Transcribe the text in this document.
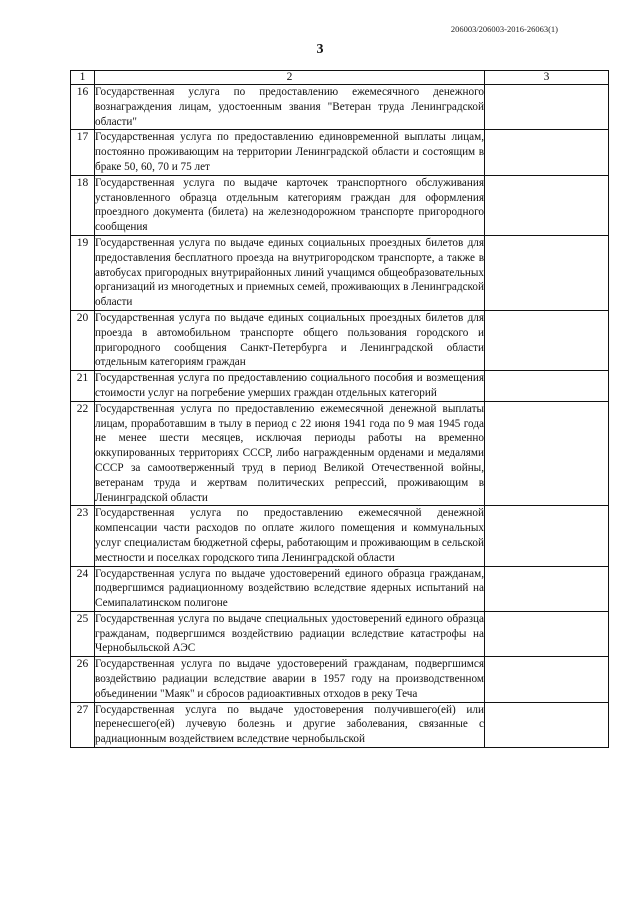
206003/206003-2016-26063(1)
3
1	2	3
16	Государственная услуга по предоставлению ежемесячного денежного вознаграждения лицам, удостоенным звания "Ветеран труда Ленинградской области"	
17	Государственная услуга по предоставлению единовременной выплаты лицам, постоянно проживающим на территории Ленинградской области и состоящим в браке 50, 60, 70 и 75 лет	
18	Государственная услуга по выдаче карточек транспортного обслуживания установленного образца отдельным категориям граждан для оформления проездного документа (билета) на железнодорожном транспорте пригородного сообщения	
19	Государственная услуга по выдаче единых социальных проездных билетов для предоставления бесплатного проезда на внутригородском транспорте, а также в автобусах пригородных внутрирайонных линий учащимся общеобразовательных организаций из многодетных и приемных семей, проживающих в Ленинградской области	
20	Государственная услуга по выдаче единых социальных проездных билетов для проезда в автомобильном транспорте общего пользования городского и пригородного сообщения Санкт-Петербурга и Ленинградской области отдельным категориям граждан	
21	Государственная услуга по предоставлению социального пособия и возмещения стоимости услуг на погребение умерших граждан отдельных категорий	
22	Государственная услуга по предоставлению ежемесячной денежной выплаты лицам, проработавшим в тылу в период с 22 июня 1941 года по 9 мая 1945 года не менее шести месяцев, исключая периоды работы на временно оккупированных территориях СССР, либо награжденным орденами и медалями СССР за самоотверженный труд в период Великой Отечественной войны, ветеранам труда и жертвам политических репрессий, проживающим в Ленинградской области	
23	Государственная услуга по предоставлению ежемесячной денежной компенсации части расходов по оплате жилого помещения и коммунальных услуг специалистам бюджетной сферы, работающим и проживающим в сельской местности и поселках городского типа Ленинградской области	
24	Государственная услуга по выдаче удостоверений единого образца гражданам, подвергшимся радиационному воздействию вследствие ядерных испытаний на Семипалатинском полигоне	
25	Государственная услуга по выдаче специальных удостоверений единого образца гражданам, подвергшимся воздействию радиации вследствие катастрофы на Чернобыльской АЭС	
26	Государственная услуга по выдаче удостоверений гражданам, подвергшимся воздействию радиации вследствие аварии в 1957 году на производственном объединении "Маяк" и сбросов радиоактивных отходов в реку Теча	
27	Государственная услуга по выдаче удостоверения получившего(ей) или перенесшего(ей) лучевую болезнь и другие заболевания, связанные с радиационным воздействием вследствие чернобыльской	
